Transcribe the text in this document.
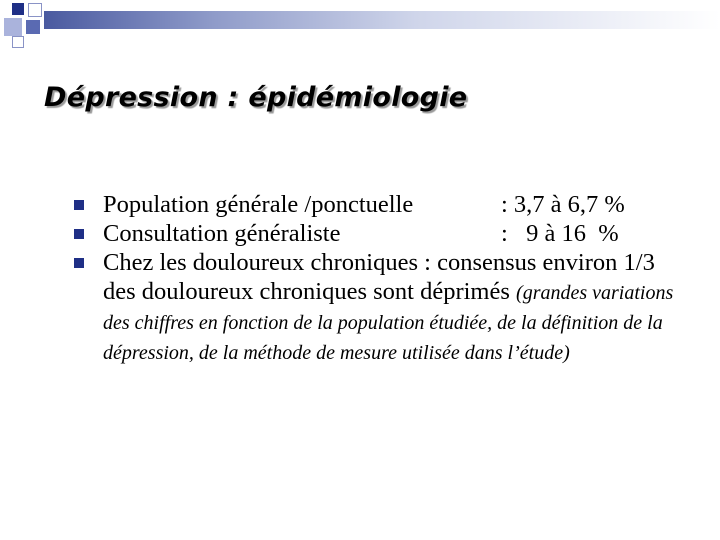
Dépression : épidémiologie
Population générale /ponctuelle	: 3,7 à 6,7 %
Consultation généraliste	:   9 à 16  %
Chez les douloureux chroniques : consensus environ 1/3 des douloureux chroniques sont déprimés (grandes variations des chiffres en fonction de la population étudiée, de la définition de la dépression, de la méthode de mesure utilisée dans l’étude)
